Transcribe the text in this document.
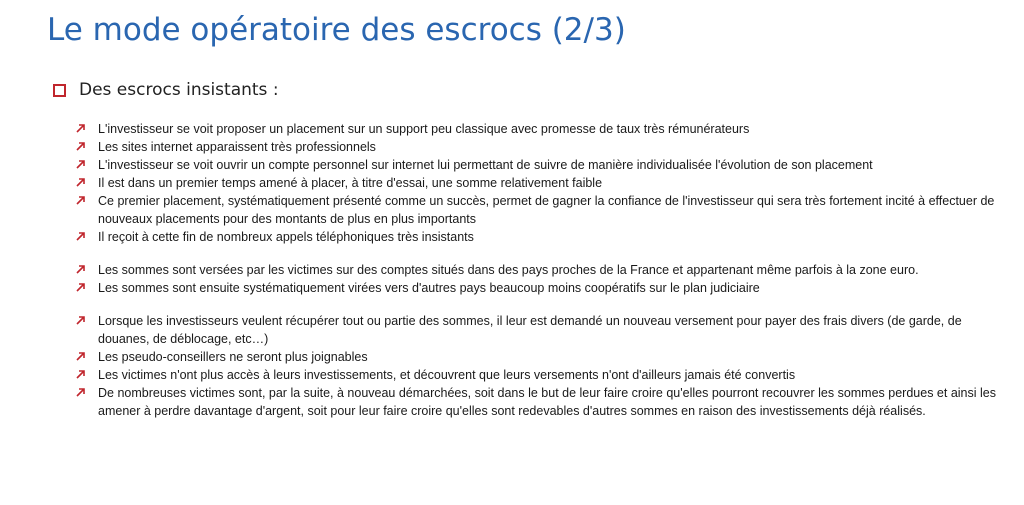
Le mode opératoire des escrocs (2/3)
Des escrocs insistants :
L'investisseur se voit proposer un placement sur un support peu classique avec promesse de taux très rémunérateurs
Les sites internet apparaissent très professionnels
L'investisseur se voit ouvrir un compte personnel sur internet lui permettant de suivre de manière individualisée l'évolution de son placement
Il est dans un premier temps amené à placer, à titre d'essai, une somme relativement faible
Ce premier placement, systématiquement présenté comme un succès, permet de gagner la confiance de l'investisseur qui sera très fortement incité à effectuer de nouveaux placements pour des montants de plus en plus importants
Il reçoit à cette fin de nombreux appels téléphoniques très insistants
Les sommes sont versées par les victimes sur des comptes situés dans des pays proches de la France et appartenant même parfois à la zone euro.
Les sommes sont ensuite systématiquement virées vers d'autres pays beaucoup moins coopératifs sur le plan judiciaire
Lorsque les investisseurs veulent récupérer tout ou partie des sommes, il leur est demandé un nouveau versement pour payer des frais divers (de garde, de douanes, de déblocage, etc…)
Les pseudo-conseillers ne seront plus joignables
Les victimes n'ont plus accès à leurs investissements, et découvrent que leurs versements n'ont d'ailleurs jamais été convertis
De nombreuses victimes sont, par la suite, à nouveau démarchées, soit dans le but de leur faire croire qu'elles pourront recouvrer les sommes perdues et ainsi les amener à perdre davantage d'argent, soit pour leur faire croire qu'elles sont redevables d'autres sommes en raison des investissements déjà réalisés.
